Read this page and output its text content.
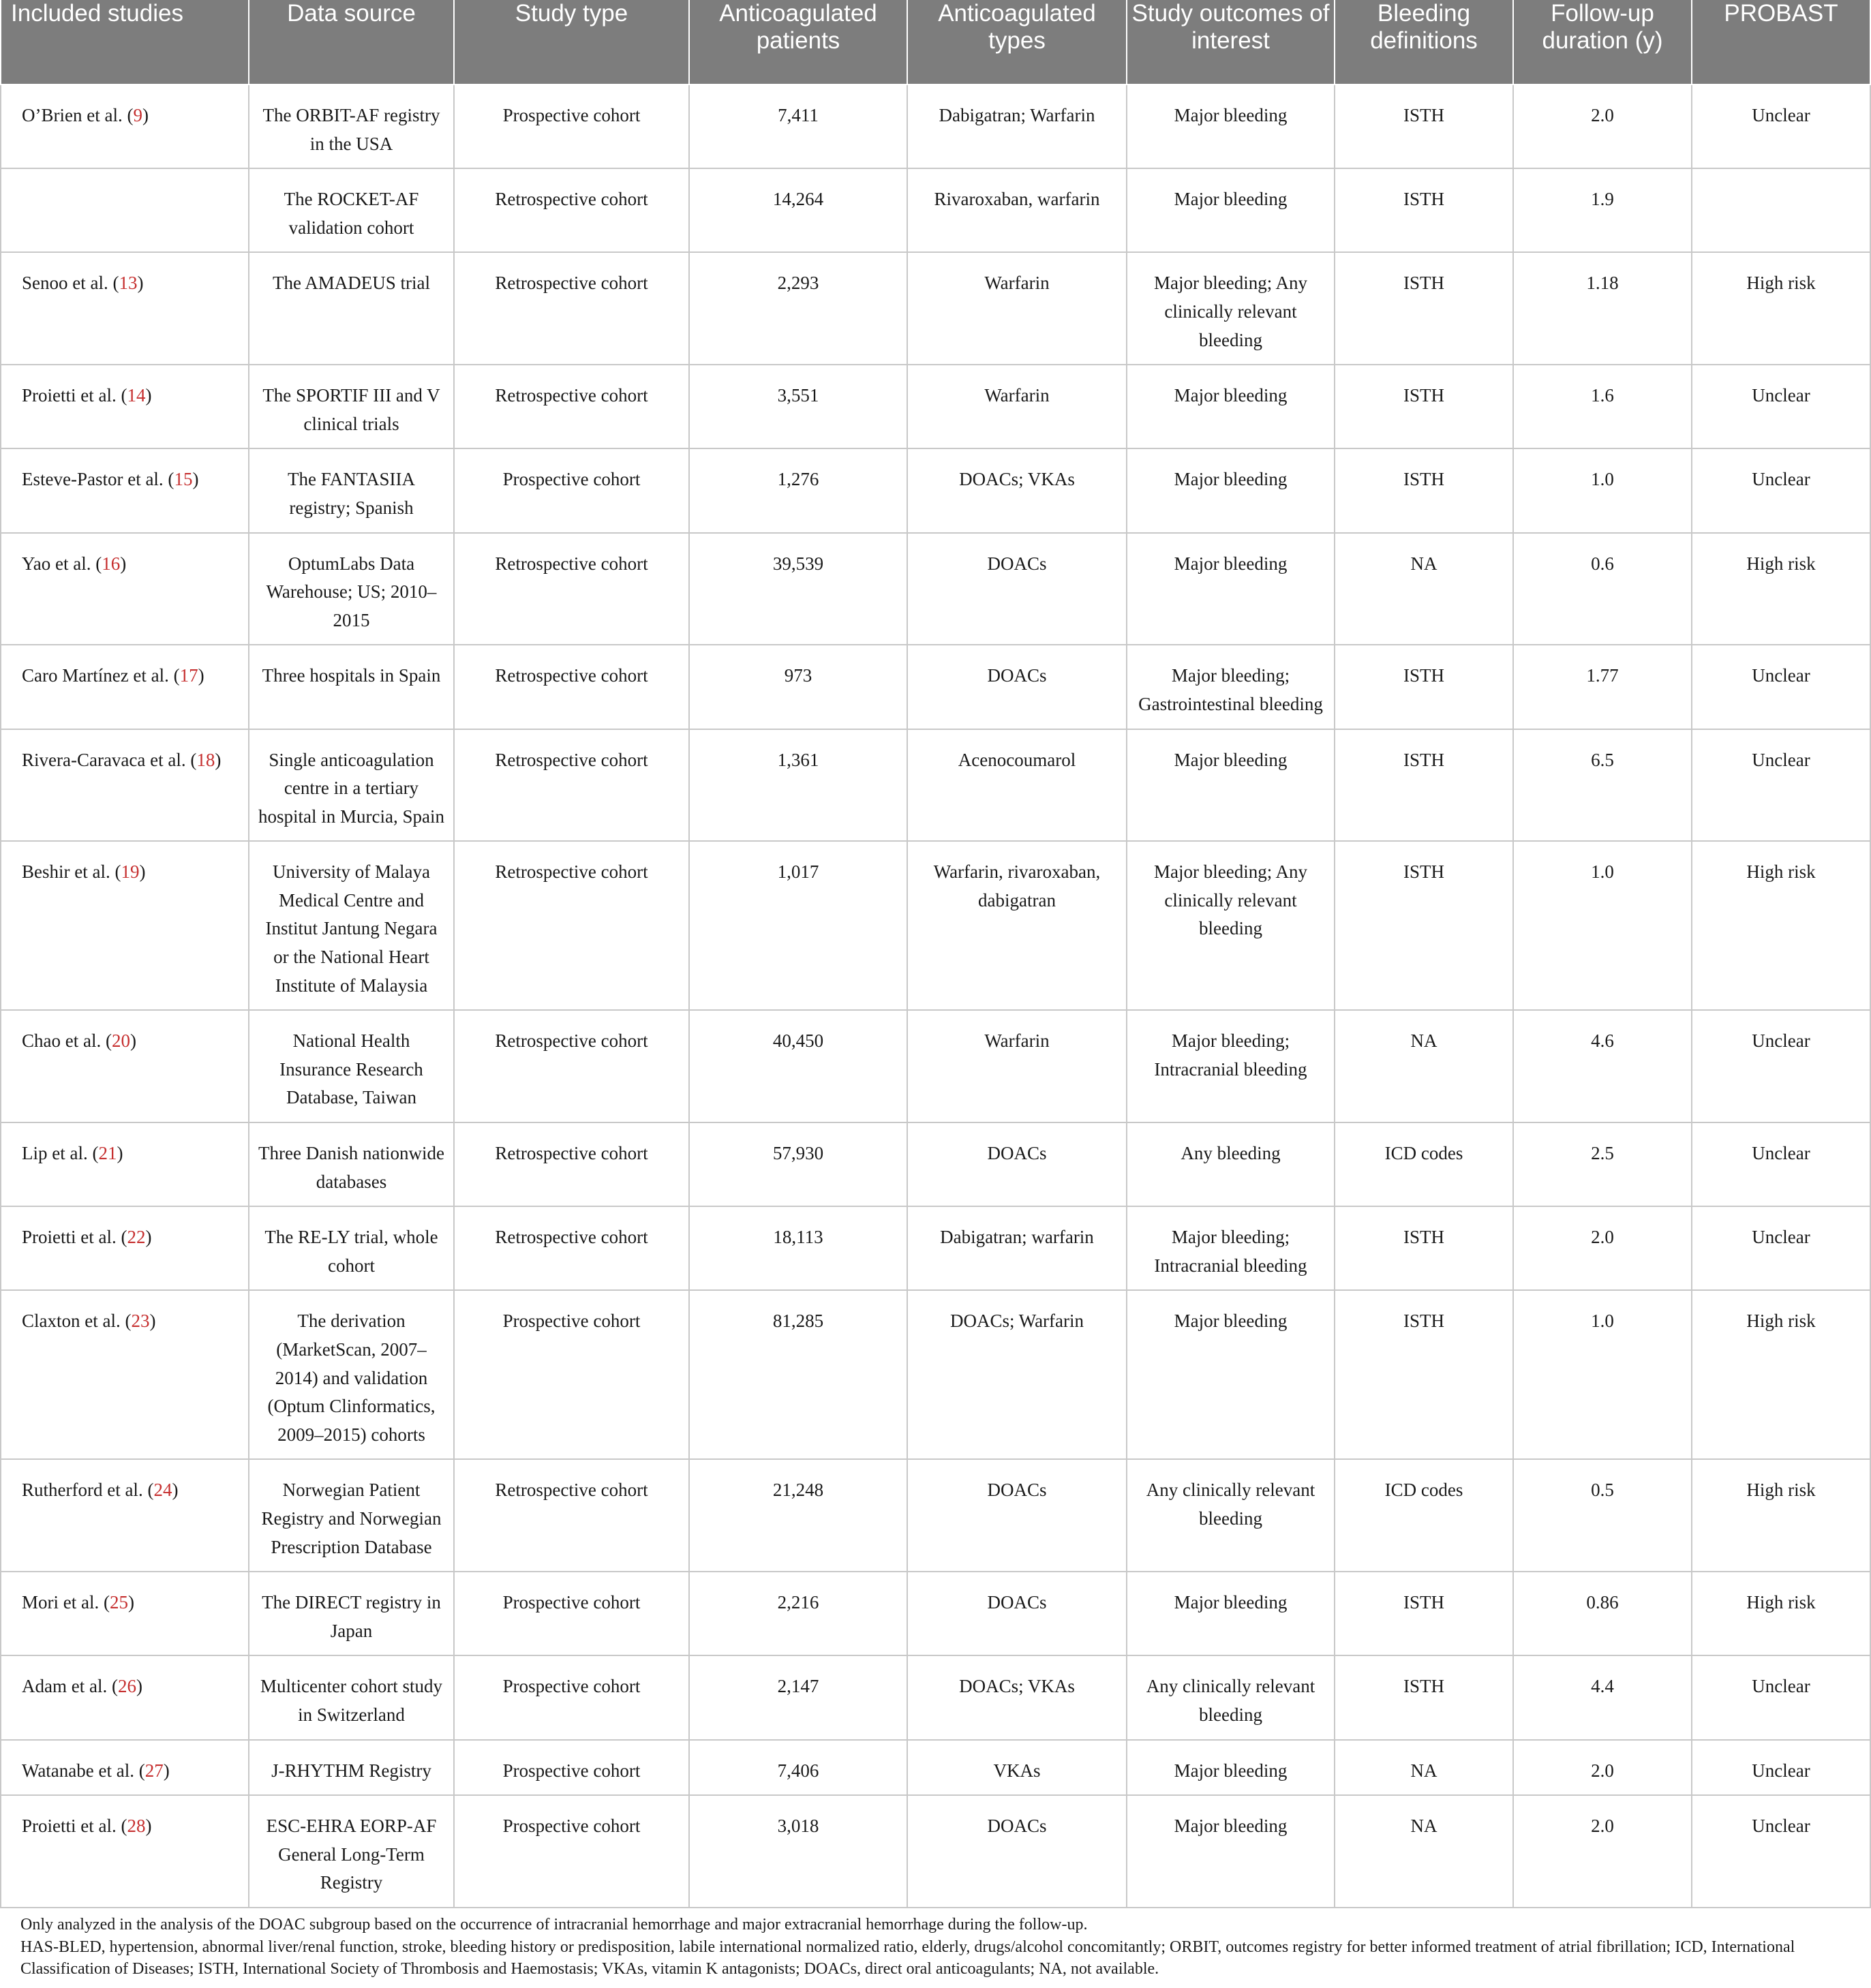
Included studies	Data source	Study type	Anticoagulated patients	Anticoagulated types	Study outcomes of interest	Bleeding definitions	Follow-up duration (y)	PROBAST
O’Brien et al. (9)	The ORBIT-AF registry in the USA	Prospective cohort	7,411	Dabigatran; Warfarin	Major bleeding	ISTH	2.0	Unclear
	The ROCKET-AF validation cohort	Retrospective cohort	14,264	Rivaroxaban, warfarin	Major bleeding	ISTH	1.9	
Senoo et al. (13)	The AMADEUS trial	Retrospective cohort	2,293	Warfarin	Major bleeding; Any clinically relevant bleeding	ISTH	1.18	High risk
Proietti et al. (14)	The SPORTIF III and V clinical trials	Retrospective cohort	3,551	Warfarin	Major bleeding	ISTH	1.6	Unclear
Esteve-Pastor et al. (15)	The FANTASIIA registry; Spanish	Prospective cohort	1,276	DOACs; VKAs	Major bleeding	ISTH	1.0	Unclear
Yao et al. (16)	OptumLabs Data Warehouse; US; 2010–2015	Retrospective cohort	39,539	DOACs	Major bleeding	NA	0.6	High risk
Caro Martínez et al. (17)	Three hospitals in Spain	Retrospective cohort	973	DOACs	Major bleeding; Gastrointestinal bleeding	ISTH	1.77	Unclear
Rivera-Caravaca et al. (18)	Single anticoagulation centre in a tertiary hospital in Murcia, Spain	Retrospective cohort	1,361	Acenocoumarol	Major bleeding	ISTH	6.5	Unclear
Beshir et al. (19)	University of Malaya Medical Centre and Institut Jantung Negara or the National Heart Institute of Malaysia	Retrospective cohort	1,017	Warfarin, rivaroxaban, dabigatran	Major bleeding; Any clinically relevant bleeding	ISTH	1.0	High risk
Chao et al. (20)	National Health Insurance Research Database, Taiwan	Retrospective cohort	40,450	Warfarin	Major bleeding; Intracranial bleeding	NA	4.6	Unclear
Lip et al. (21)	Three Danish nationwide databases	Retrospective cohort	57,930	DOACs	Any bleeding	ICD codes	2.5	Unclear
Proietti et al. (22)	The RE-LY trial, whole cohort	Retrospective cohort	18,113	Dabigatran; warfarin	Major bleeding; Intracranial bleeding	ISTH	2.0	Unclear
Claxton et al. (23)	The derivation (MarketScan, 2007–2014) and validation (Optum Clinformatics, 2009–2015) cohorts	Prospective cohort	81,285	DOACs; Warfarin	Major bleeding	ISTH	1.0	High risk
Rutherford et al. (24)	Norwegian Patient Registry and Norwegian Prescription Database	Retrospective cohort	21,248	DOACs	Any clinically relevant bleeding	ICD codes	0.5	High risk
Mori et al. (25)	The DIRECT registry in Japan	Prospective cohort	2,216	DOACs	Major bleeding	ISTH	0.86	High risk
Adam et al. (26)	Multicenter cohort study in Switzerland	Prospective cohort	2,147	DOACs; VKAs	Any clinically relevant bleeding	ISTH	4.4	Unclear
Watanabe et al. (27)	J-RHYTHM Registry	Prospective cohort	7,406	VKAs	Major bleeding	NA	2.0	Unclear
Proietti et al. (28)	ESC-EHRA EORP-AF General Long-Term Registry	Prospective cohort	3,018	DOACs	Major bleeding	NA	2.0	Unclear

Only analyzed in the analysis of the DOAC subgroup based on the occurrence of intracranial hemorrhage and major extracranial hemorrhage during the follow-up.

HAS-BLED, hypertension, abnormal liver/renal function, stroke, bleeding history or predisposition, labile international normalized ratio, elderly, drugs/alcohol concomitantly; ORBIT, outcomes registry for better informed treatment of atrial fibrillation; ICD, International Classification of Diseases; ISTH, International Society of Thrombosis and Haemostasis; VKAs, vitamin K antagonists; DOACs, direct oral anticoagulants; NA, not available.
